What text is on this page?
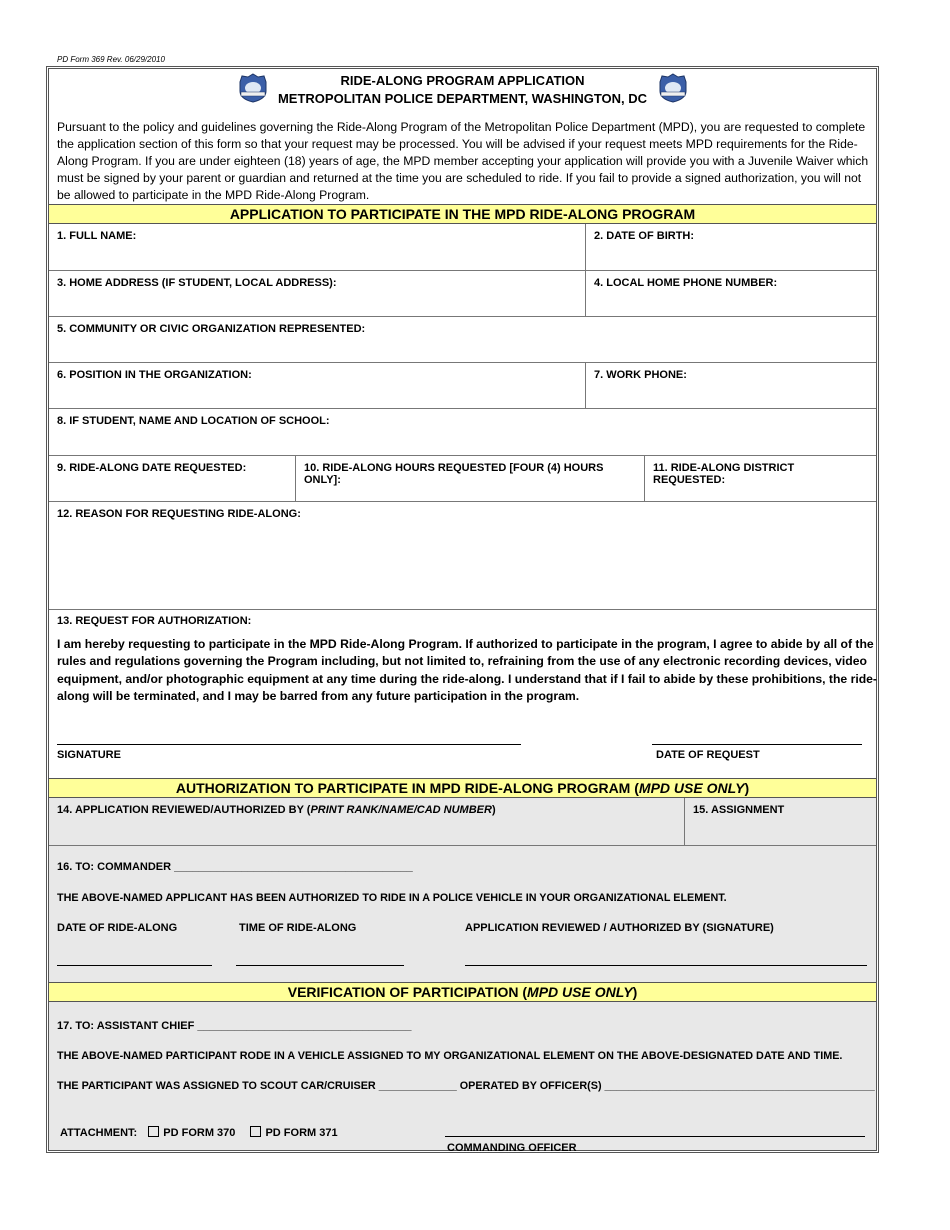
PD Form 369 Rev. 06/29/2010
RIDE-ALONG PROGRAM APPLICATION
METROPOLITAN POLICE DEPARTMENT, WASHINGTON, DC
Pursuant to the policy and guidelines governing the Ride-Along Program of the Metropolitan Police Department (MPD), you are requested to complete the application section of this form so that your request may be processed. You will be advised if your request meets MPD requirements for the Ride-Along Program. If you are under eighteen (18) years of age, the MPD member accepting your application will provide you with a Juvenile Waiver which must be signed by your parent or guardian and returned at the time you are scheduled to ride. If you fail to provide a signed authorization, you will not be allowed to participate in the MPD Ride-Along Program.
APPLICATION TO PARTICIPATE IN THE MPD RIDE-ALONG PROGRAM
1. FULL NAME:	2. DATE OF BIRTH:
3. HOME ADDRESS (IF STUDENT, LOCAL ADDRESS):	4. LOCAL HOME PHONE NUMBER:
5. COMMUNITY OR CIVIC ORGANIZATION REPRESENTED:
6. POSITION IN THE ORGANIZATION:	7. WORK PHONE:
8. IF STUDENT, NAME AND LOCATION OF SCHOOL:
9. RIDE-ALONG DATE REQUESTED:	10. RIDE-ALONG HOURS REQUESTED [FOUR (4) HOURS ONLY]:
11. RIDE-ALONG DISTRICT REQUESTED:
12. REASON FOR REQUESTING RIDE-ALONG:
13. REQUEST FOR AUTHORIZATION:
I am hereby requesting to participate in the MPD Ride-Along Program. If authorized to participate in the program, I agree to abide by all of the rules and regulations governing the Program including, but not limited to, refraining from the use of any electronic recording devices, video equipment, and/or photographic equipment at any time during the ride-along. I understand that if I fail to abide by these prohibitions, the ride-along will be terminated, and I may be barred from any future participation in the program.
SIGNATURE	DATE OF REQUEST
AUTHORIZATION TO PARTICIPATE IN MPD RIDE-ALONG PROGRAM (MPD USE ONLY)
14. APPLICATION REVIEWED/AUTHORIZED BY (PRINT RANK/NAME/CAD NUMBER)	15. ASSIGNMENT
16. TO: COMMANDER _______________________________________
THE ABOVE-NAMED APPLICANT HAS BEEN AUTHORIZED TO RIDE IN A POLICE VEHICLE IN YOUR ORGANIZATIONAL ELEMENT.
DATE OF RIDE-ALONG	TIME OF RIDE-ALONG	APPLICATION REVIEWED / AUTHORIZED BY (SIGNATURE)
VERIFICATION OF PARTICIPATION (MPD USE ONLY)
17. TO: ASSISTANT CHIEF ___________________________________
THE ABOVE-NAMED PARTICIPANT RODE IN A VEHICLE ASSIGNED TO MY ORGANIZATIONAL ELEMENT ON THE ABOVE-DESIGNATED DATE AND TIME.
THE PARTICIPANT WAS ASSIGNED TO SCOUT CAR/CRUISER _____________ OPERATED BY OFFICER(S) _____________________________________________
ATTACHMENT: PD FORM 370	PD FORM 371
COMMANDING OFFICER
